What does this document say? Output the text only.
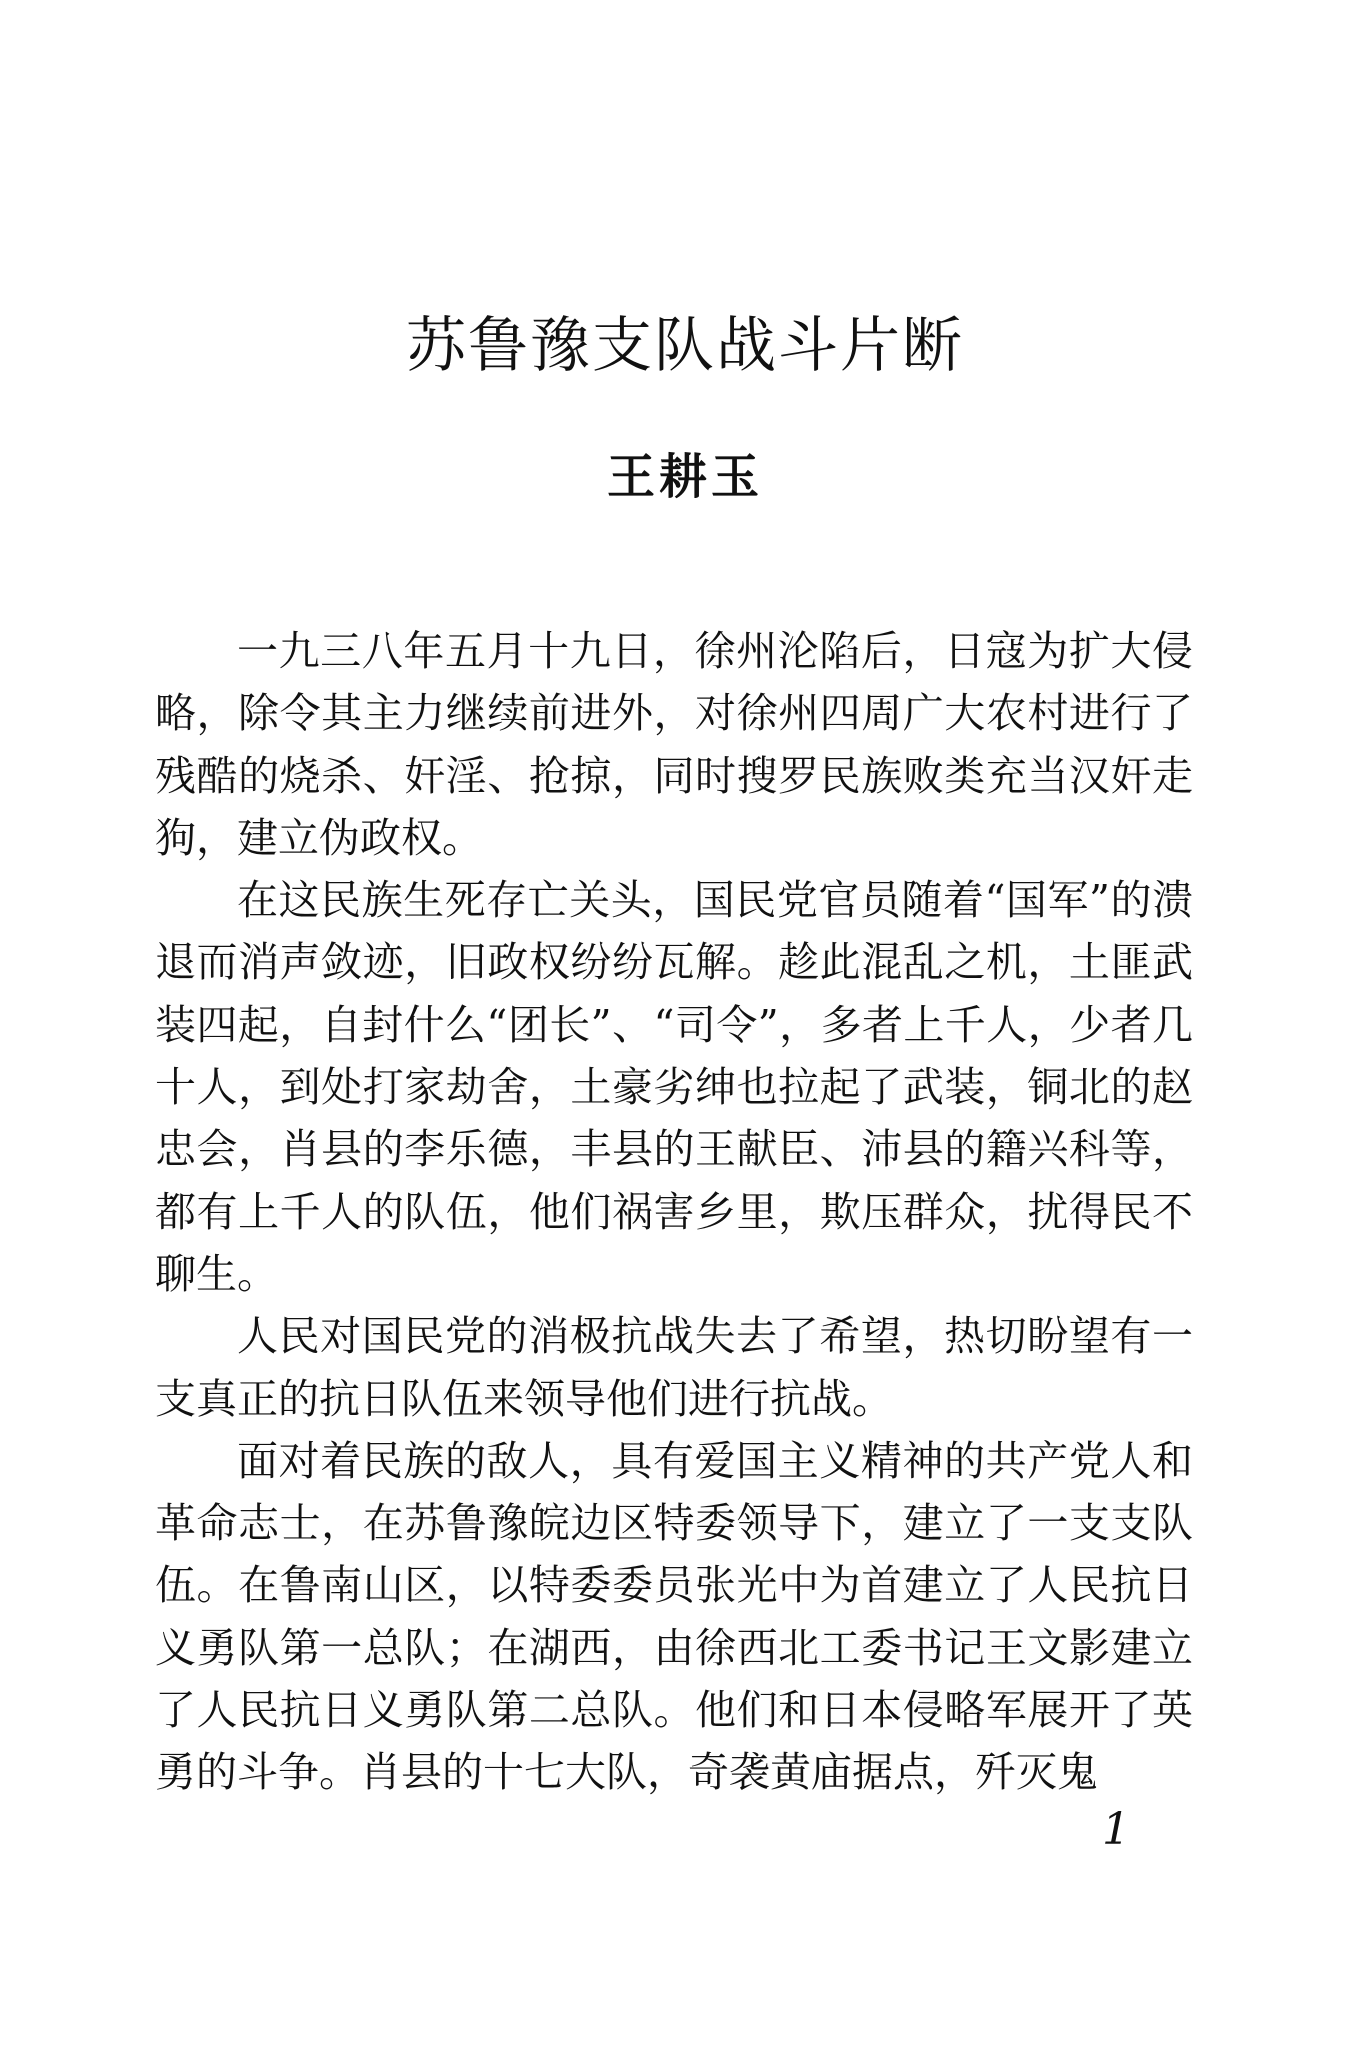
苏鲁豫支队战斗片断
王耕玉

一九三八年五月十九日，徐州沦陷后，日寇为扩大侵略，除令其主力继续前进外，对徐州四周广大农村进行了残酷的烧杀、奸淫、抢掠，同时搜罗民族败类充当汉奸走狗，建立伪政权。

在这民族生死存亡关头，国民党官员随着“国军”的溃退而消声敛迹，旧政权纷纷瓦解。趁此混乱之机，土匪武装四起，自封什么“团长”、“司令”，多者上千人，少者几十人，到处打家劫舍，土豪劣绅也拉起了武装，铜北的赵忠会，肖县的李乐德，丰县的王献臣、沛县的籍兴科等，都有上千人的队伍，他们祸害乡里，欺压群众，扰得民不聊生。

人民对国民党的消极抗战失去了希望，热切盼望有一支真正的抗日队伍来领导他们进行抗战。

面对着民族的敌人，具有爱国主义精神的共产党人和革命志士，在苏鲁豫皖边区特委领导下，建立了一支支队伍。在鲁南山区，以特委委员张光中为首建立了人民抗日义勇队第一总队；在湖西，由徐西北工委书记王文影建立了人民抗日义勇队第二总队。他们和日本侵略军展开了英勇的斗争。肖县的十七大队，奇袭黄庙据点，歼灭鬼

1
